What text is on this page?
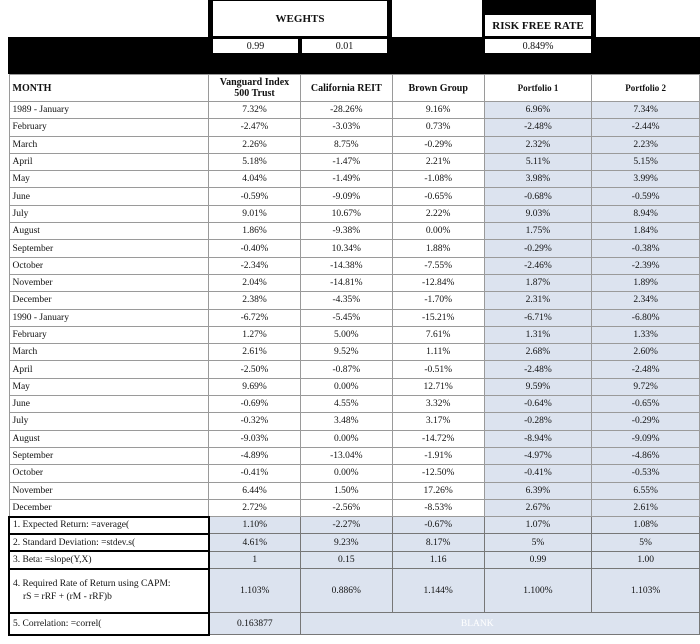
WEGHTS
RISK FREE RATE
0.99	0.01	0.849%
MONTH	Vanguard Index 500 Trust	California REIT	Brown Group	Portfolio 1	Portfolio 2
1989 - January	7.32%	-28.26%	9.16%	6.96%	7.34%
February	-2.47%	-3.03%	0.73%	-2.48%	-2.44%
March	2.26%	8.75%	-0.29%	2.32%	2.23%
April	5.18%	-1.47%	2.21%	5.11%	5.15%
May	4.04%	-1.49%	-1.08%	3.98%	3.99%
June	-0.59%	-9.09%	-0.65%	-0.68%	-0.59%
July	9.01%	10.67%	2.22%	9.03%	8.94%
August	1.86%	-9.38%	0.00%	1.75%	1.84%
September	-0.40%	10.34%	1.88%	-0.29%	-0.38%
October	-2.34%	-14.38%	-7.55%	-2.46%	-2.39%
November	2.04%	-14.81%	-12.84%	1.87%	1.89%
December	2.38%	-4.35%	-1.70%	2.31%	2.34%
1990 - January	-6.72%	-5.45%	-15.21%	-6.71%	-6.80%
February	1.27%	5.00%	7.61%	1.31%	1.33%
March	2.61%	9.52%	1.11%	2.68%	2.60%
April	-2.50%	-0.87%	-0.51%	-2.48%	-2.48%
May	9.69%	0.00%	12.71%	9.59%	9.72%
June	-0.69%	4.55%	3.32%	-0.64%	-0.65%
July	-0.32%	3.48%	3.17%	-0.28%	-0.29%
August	-9.03%	0.00%	-14.72%	-8.94%	-9.09%
September	-4.89%	-13.04%	-1.91%	-4.97%	-4.86%
October	-0.41%	0.00%	-12.50%	-0.41%	-0.53%
November	6.44%	1.50%	17.26%	6.39%	6.55%
December	2.72%	-2.56%	-8.53%	2.67%	2.61%
1. Expected Return: =average(	1.10%	-2.27%	-0.67%	1.07%	1.08%
2. Standard Deviation: =stdev.s(	4.61%	9.23%	8.17%	5%	5%
3. Beta: =slope(Y,X)	1	0.15	1.16	0.99	1.00

4. Required Rate of Return using CAPM:
rS = rRF + (rM - rRF)b	1.103%	0.886%	1.144%	1.100%	1.103%
5. Correlation: =correl(	0.163877	BLANK			
